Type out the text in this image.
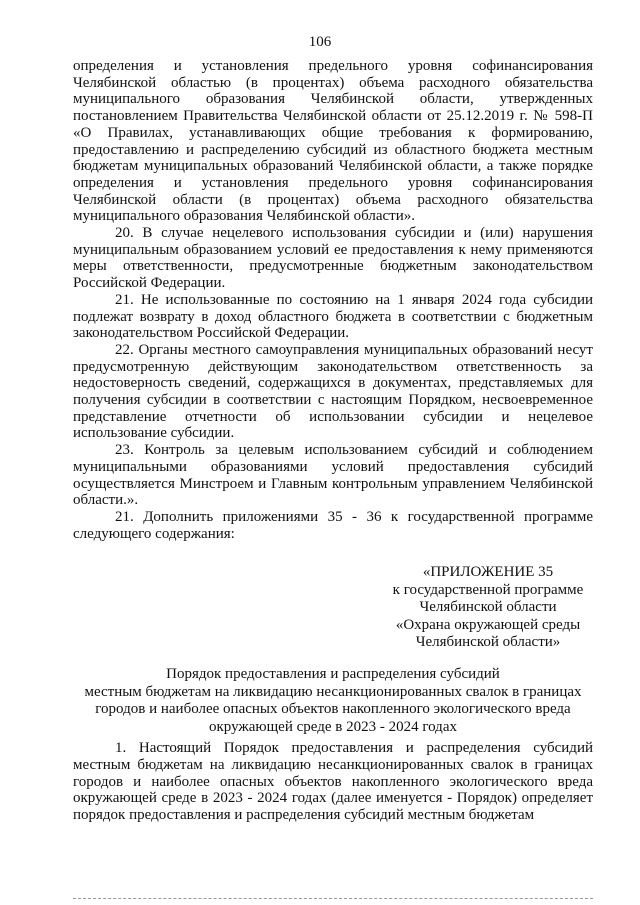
106

определения и установления предельного уровня софинансирования Челябинской областью (в процентах) объема расходного обязательства муниципального образования Челябинской области, утвержденных постановлением Правительства Челябинской области от 25.12.2019 г. № 598-П «О Правилах, устанавливающих общие требования к формированию, предоставлению и распределению субсидий из областного бюджета местным бюджетам муниципальных образований Челябинской области, а также порядке определения и установления предельного уровня софинансирования Челябинской области (в процентах) объема расходного обязательства муниципального образования Челябинской области».

20. В случае нецелевого использования субсидии и (или) нарушения муниципальным образованием условий ее предоставления к нему применяются меры ответственности, предусмотренные бюджетным законодательством Российской Федерации.

21. Не использованные по состоянию на 1 января 2024 года субсидии подлежат возврату в доход областного бюджета в соответствии с бюджетным законодательством Российской Федерации.

22. Органы местного самоуправления муниципальных образований несут предусмотренную действующим законодательством ответственность за недостоверность сведений, содержащихся в документах, представляемых для получения субсидии в соответствии с настоящим Порядком, несвоевременное представление отчетности об использовании субсидии и нецелевое использование субсидии.

23. Контроль за целевым использованием субсидий и соблюдением муниципальными образованиями условий предоставления субсидий осуществляется Минстроем и Главным контрольным управлением Челябинской области.».

21. Дополнить приложениями 35 - 36 к государственной программе следующего содержания:

«ПРИЛОЖЕНИЕ 35
к государственной программе
Челябинской области
«Охрана окружающей среды
Челябинской области»
Порядок предоставления и распределения субсидий
местным бюджетам на ликвидацию несанкционированных свалок в границах
городов и наиболее опасных объектов накопленного экологического вреда
окружающей среде в 2023 - 2024 годах

1. Настоящий Порядок предоставления и распределения субсидий местным бюджетам на ликвидацию несанкционированных свалок в границах городов и наиболее опасных объектов накопленного экологического вреда окружающей среде в 2023 - 2024 годах (далее именуется - Порядок) определяет порядок предоставления и распределения субсидий местным бюджетам
